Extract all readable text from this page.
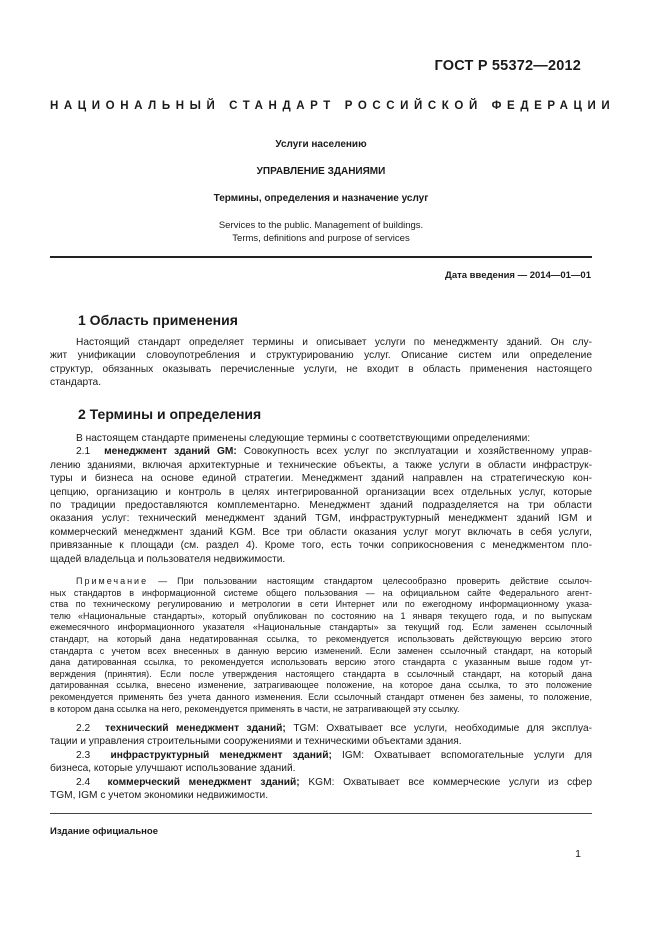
ГОСТ Р 55372—2012
НАЦИОНАЛЬНЫЙ СТАНДАРТ РОССИЙСКОЙ ФЕДЕРАЦИИ
Услуги населению
УПРАВЛЕНИЕ ЗДАНИЯМИ
Термины, определения и назначение услуг
Services to the public. Management of buildings.
Terms, definitions and purpose of services
Дата введения — 2014—01—01
1 Область применения
Настоящий стандарт определяет термины и описывает услуги по менеджменту зданий. Он слу-
жит унификации словоупотребления и структурированию услуг. Описание систем или определение
структур, обязанных оказывать перечисленные услуги, не входит в область применения настоящего
стандарта.
2 Термины и определения
В настоящем стандарте применены следующие термины с соответствующими определениями:
2.1 менеджмент зданий GM: Совокупность всех услуг по эксплуатации и хозяйственному управ-
лению зданиями, включая архитектурные и технические объекты, а также услуги в области инфраструк-
туры и бизнеса на основе единой стратегии. Менеджмент зданий направлен на стратегическую кон-
цепцию, организацию и контроль в целях интегрированной организации всех отдельных услуг, которые
по традиции предоставляются комплементарно. Менеджмент зданий подразделяется на три области
оказания услуг: технический менеджмент зданий TGM, инфраструктурный менеджмент зданий IGM и
коммерческий менеджмент зданий KGM. Все три области оказания услуг могут включать в себя услуги,
привязанные к площади (см. раздел 4). Кроме того, есть точки соприкосновения с менеджментом пло-
щадей владельца и пользователя недвижимости.
Примечание — При пользовании настоящим стандартом целесообразно проверить действие ссылоч-
ных стандартов в информационной системе общего пользования — на официальном сайте Федерального агент-
ства по техническому регулированию и метрологии в сети Интернет или по ежегодному информационному указа-
телю «Национальные стандарты», который опубликован по состоянию на 1 января текущего года, и по выпускам
ежемесячного информационного указателя «Национальные стандарты» за текущий год. Если заменен ссылочный
стандарт, на который дана недатированная ссылка, то рекомендуется использовать действующую версию этого
стандарта с учетом всех внесенных в данную версию изменений. Если заменен ссылочный стандарт, на который
дана датированная ссылка, то рекомендуется использовать версию этого стандарта с указанным выше годом ут-
верждения (принятия). Если после утверждения настоящего стандарта в ссылочный стандарт, на который дана
датированная ссылка, внесено изменение, затрагивающее положение, на которое дана ссылка, то это положение
рекомендуется применять без учета данного изменения. Если ссылочный стандарт отменен без замены, то положение,
в котором дана ссылка на него, рекомендуется применять в части, не затрагивающей эту ссылку.
2.2 технический менеджмент зданий; TGM: Охватывает все услуги, необходимые для эксплуа-
тации и управления строительными сооружениями и техническими объектами здания.
2.3 инфраструктурный менеджмент зданий; IGM: Охватывает вспомогательные услуги для
бизнеса, которые улучшают использование зданий.
2.4 коммерческий менеджмент зданий; KGM: Охватывает все коммерческие услуги из сфер
TGM, IGM с учетом экономики недвижимости.
Издание официальное
1
